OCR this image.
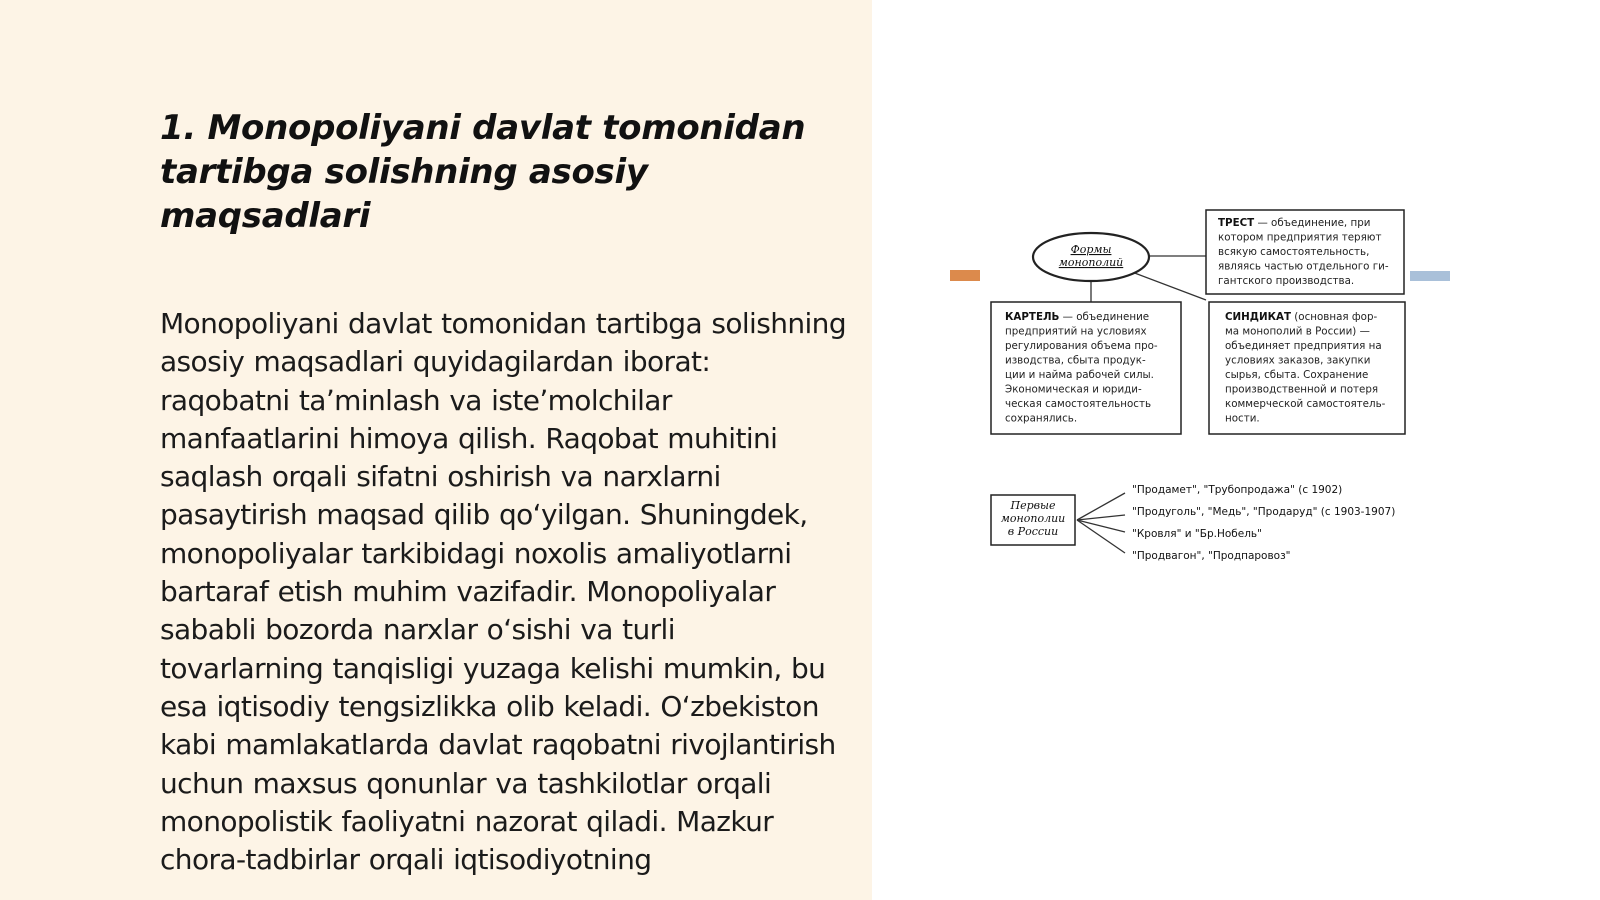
1. Monopoliyani davlat tomonidan tartibga solishning asosiy maqsadlari

Monopoliyani davlat tomonidan tartibga solishning asosiy maqsadlari quyidagilardan iborat: raqobatni taʼminlash va isteʼmolchilar manfaatlarini himoya qilish. Raqobat muhitini saqlash orqali sifatni oshirish va narxlarni pasaytirish maqsad qilib qoʻyilgan. Shuningdek, monopoliyalar tarkibidagi noxolis amaliyotlarni bartaraf etish muhim vazifadir. Monopoliyalar sababli bozorda narxlar oʻsishi va turli tovarlarning tanqisligi yuzaga kelishi mumkin, bu esa iqtisodiy tengsizlikka olib keladi. Oʻzbekiston kabi mamlakatlarda davlat raqobatni rivojlantirish uchun maxsus qonunlar va tashkilotlar orqali monopolistik faoliyatni nazorat qiladi. Mazkur chora-tadbirlar orqali iqtisodiyotning

Формы
монополий
ТРЕСТ — объединение, при
котором предприятия теряют
всякую самостоятельность,
являясь частью отдельного ги-
гантского производства.
КАРТЕЛЬ — объединение
предприятий на условиях
регулирования объема про-
изводства, сбыта продук-
ции и найма рабочей силы.
Экономическая и юриди-
ческая самостоятельность
сохранялись.
СИНДИКАТ (основная фор-
ма монополий в России) —
объединяет предприятия на
условиях заказов, закупки
сырья, сбыта. Сохранение
производственной и потеря
коммерческой самостоятель-
ности.
Первые
монополии
в России
"Продамет", "Трубопродажа" (с 1902)
"Продуголь", "Медь", "Продаруд" (с 1903-1907)
"Кровля" и "Бр.Нобель"
"Продвагон", "Продпаровоз"
